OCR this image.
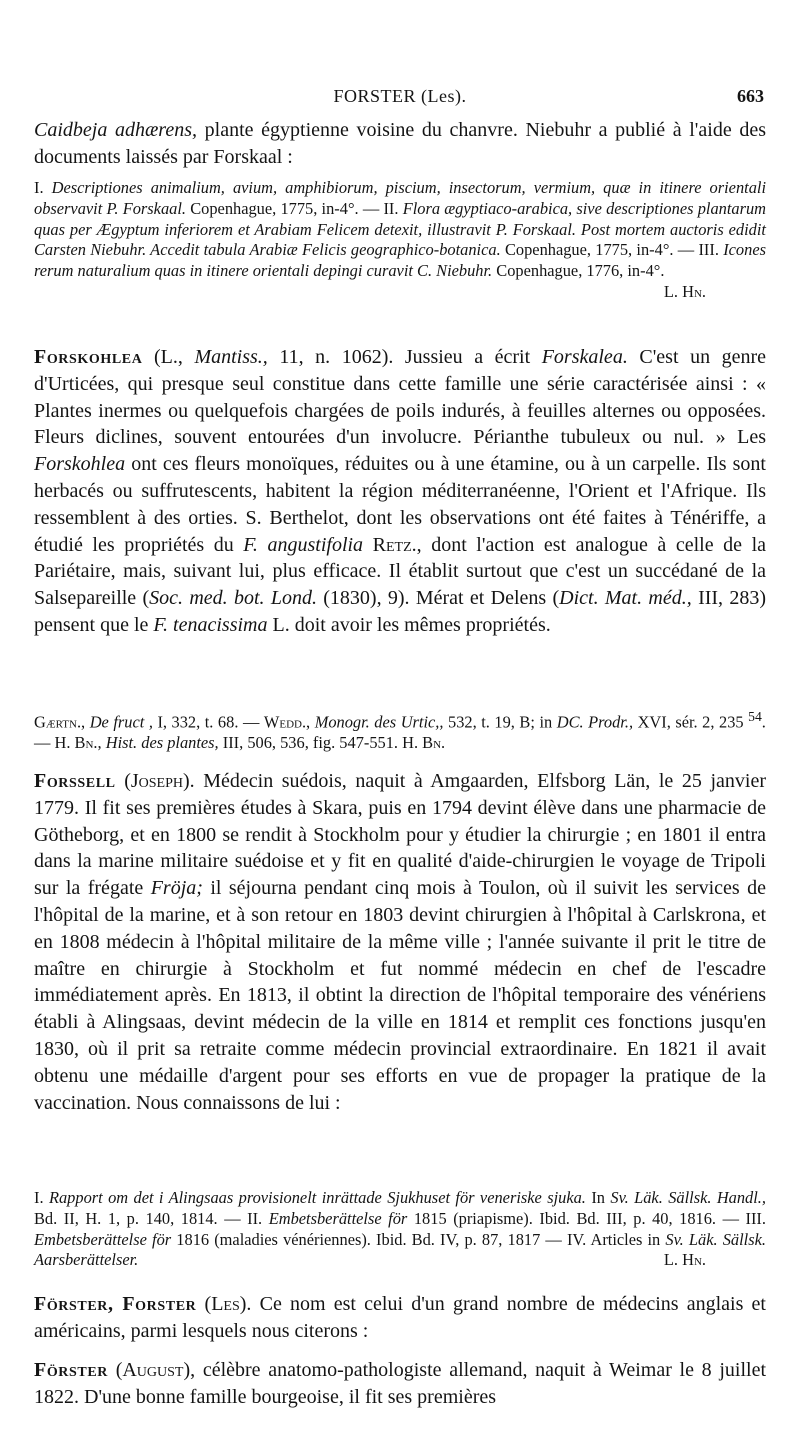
FORSTER (Les).	663

Caidbeja adhærens, plante égyptienne voisine du chanvre. Niebuhr a publié à l'aide des documents laissés par Forskaal :

I. Descriptiones animalium, avium, amphibiorum, piscium, insectorum, vermium, quæ in itinere orientali observavit P. Forskaal. Copenhague, 1775, in-4°. — II. Flora ægyptiaco-arabica, sive descriptiones plantarum quas per Ægyptum inferiorem et Arabiam Felicem detexit, illustravit P. Forskaal. Post mortem auctoris edidit Carsten Niebuhr. Accedit tabula Arabiæ Felicis geographico-botanica. Copenhague, 1775, in-4°. — III. Icones rerum naturalium quas in itinere orientali depingi curavit C. Niebuhr. Copenhague, 1776, in-4°.
L. Hn.

Forskohlea (L., Mantiss., 11, n. 1062). Jussieu a écrit Forskalea. C'est un genre d'Urticées, qui presque seul constitue dans cette famille une série caractérisée ainsi : « Plantes inermes ou quelquefois chargées de poils indurés, à feuilles alternes ou opposées. Fleurs diclines, souvent entourées d'un involucre. Périanthe tubuleux ou nul. » Les Forskohlea ont ces fleurs monoïques, réduites ou à une étamine, ou à un carpelle. Ils sont herbacés ou suffrutescents, habitent la région méditerranéenne, l'Orient et l'Afrique. Ils ressemblent à des orties. S. Berthelot, dont les observations ont été faites à Ténériffe, a étudié les propriétés du F. angustifolia Retz., dont l'action est analogue à celle de la Pariétaire, mais, suivant lui, plus efficace. Il établit surtout que c'est un succédané de la Salsepareille (Soc. med. bot. Lond. (1830), 9). Mérat et Delens (Dict. Mat. méd., III, 283) pensent que le F. tenacissima L. doit avoir les mêmes propriétés.

Gærtn., De fruct , I, 332, t. 68. — Wedd., Monogr. des Urtic,, 532, t. 19, B; in DC. Prodr., XVI, sér. 2, 235 $^{54}$. — H. Bn., Hist. des plantes, III, 506, 536, fig. 547-551. H. Bn.

Forssell (Joseph). Médecin suédois, naquit à Amgaarden, Elfsborg Län, le 25 janvier 1779. Il fit ses premières études à Skara, puis en 1794 devint élève dans une pharmacie de Götheborg, et en 1800 se rendit à Stockholm pour y étudier la chirurgie ; en 1801 il entra dans la marine militaire suédoise et y fit en qualité d'aide-chirurgien le voyage de Tripoli sur la frégate Fröja; il séjourna pendant cinq mois à Toulon, où il suivit les services de l'hôpital de la marine, et à son retour en 1803 devint chirurgien à l'hôpital à Carlskrona, et en 1808 médecin à l'hôpital militaire de la même ville ; l'année suivante il prit le titre de maître en chirurgie à Stockholm et fut nommé médecin en chef de l'escadre immédiatement après. En 1813, il obtint la direction de l'hôpital temporaire des vénériens établi à Alingsaas, devint médecin de la ville en 1814 et remplit ces fonctions jusqu'en 1830, où il prit sa retraite comme médecin provincial extraordinaire. En 1821 il avait obtenu une médaille d'argent pour ses efforts en vue de propager la pratique de la vaccination. Nous connaissons de lui :

I. Rapport om det i Alingsaas provisionelt inrättade Sjukhuset för veneriske sjuka. In Sv. Läk. Sällsk. Handl., Bd. II, H. 1, p. 140, 1814. — II. Embetsberättelse för 1815 (priapisme). Ibid. Bd. III, p. 40, 1816. — III. Embetsberättelse för 1816 (maladies vénériennes). Ibid. Bd. IV, p. 87, 1817 — IV. Articles in Sv. Läk. Sällsk. Aarsberättelser.	L. Hn.

Förster, Forster (Les). Ce nom est celui d'un grand nombre de médecins anglais et américains, parmi lesquels nous citerons :

Förster (August), célèbre anatomo-pathologiste allemand, naquit à Weimar le 8 juillet 1822. D'une bonne famille bourgeoise, il fit ses premières
